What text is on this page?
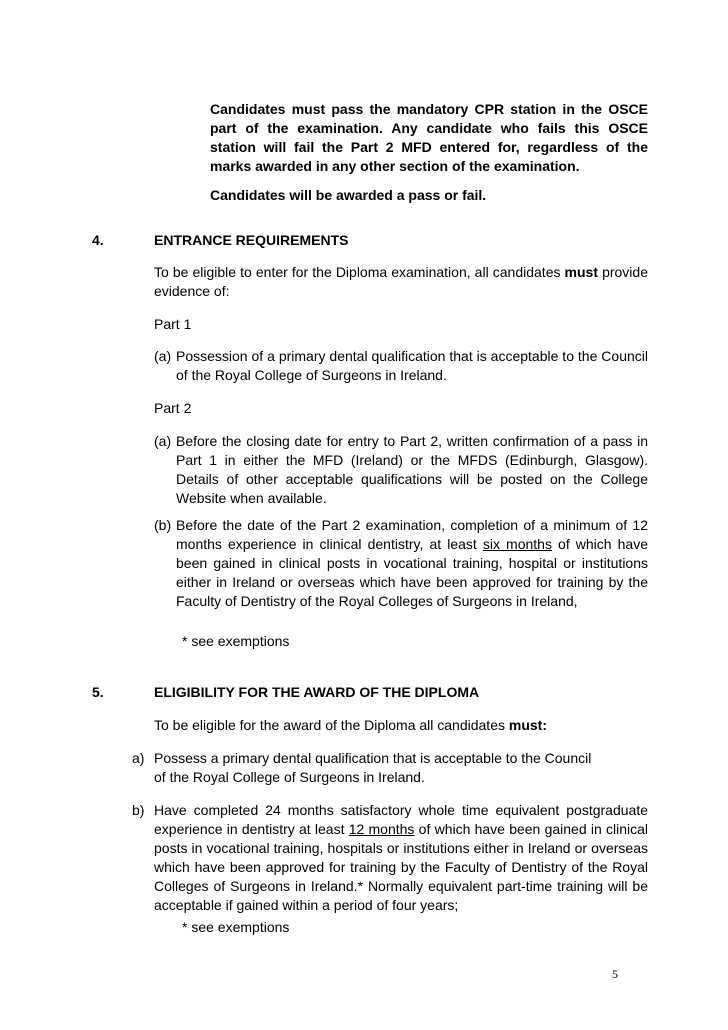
Candidates must pass the mandatory CPR station in the OSCE part of the examination. Any candidate who fails this OSCE station will fail the Part 2 MFD entered for, regardless of the marks awarded in any other section of the examination.

Candidates will be awarded a pass or fail.

4.	ENTRANCE REQUIREMENTS

To be eligible to enter for the Diploma examination, all candidates must provide evidence of:

Part 1
(a) Possession of a primary dental qualification that is acceptable to the Council of the Royal College of Surgeons in Ireland.

Part 2
(a) Before the closing date for entry to Part 2, written confirmation of a pass in Part 1 in either the MFD (Ireland) or the MFDS (Edinburgh, Glasgow). Details of other acceptable qualifications will be posted on the College Website when available.

(b) Before the date of the Part 2 examination, completion of a minimum of 12 months experience in clinical dentistry, at least six months of which have been gained in clinical posts in vocational training, hospital or institutions either in Ireland or overseas which have been approved for training by the Faculty of Dentistry of the Royal Colleges of Surgeons in Ireland,

* see exemptions
5.	ELIGIBILITY FOR THE AWARD OF THE DIPLOMA

To be eligible for the award of the Diploma all candidates must:

a) Possess a primary dental qualification that is acceptable to the Council
of the Royal College of Surgeons in Ireland.
b) Have completed 24 months satisfactory whole time equivalent postgraduate experience in dentistry at least 12 months of which have been gained in clinical posts in vocational training, hospitals or institutions either in Ireland or overseas which have been approved for training by the Faculty of Dentistry of the Royal Colleges of Surgeons in Ireland.* Normally equivalent part-time training will be acceptable if gained within a period of four years;

* see exemptions
5
